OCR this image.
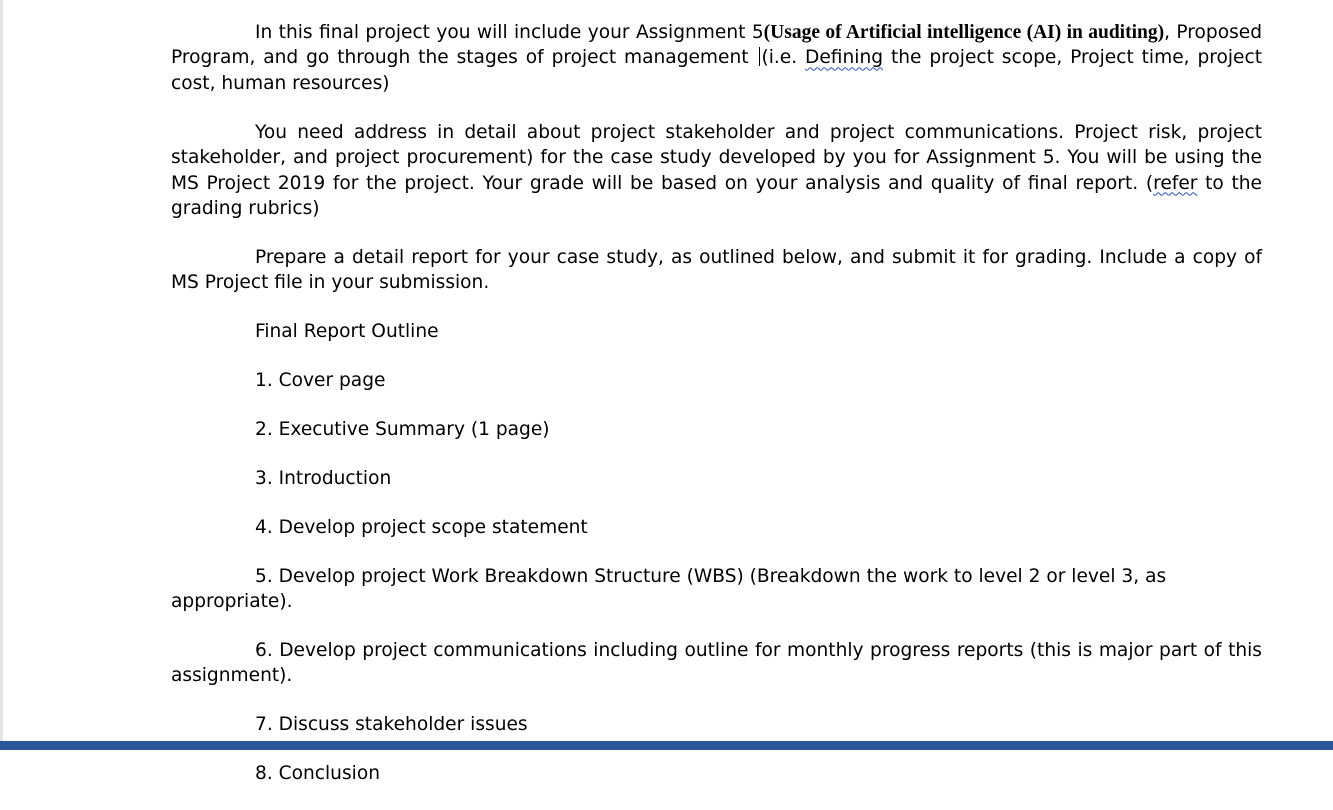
In this final project you will include your Assignment 5(Usage of Artificial intelligence (AI) in auditing), Proposed Program, and go through the stages of project management (i.e. Defining the project scope, Project time, project cost, human resources)

You need address in detail about project stakeholder and project communications. Project risk, project stakeholder, and project procurement) for the case study developed by you for Assignment 5. You will be using the MS Project 2019 for the project. Your grade will be based on your analysis and quality of final report. (refer to the grading rubrics)

Prepare a detail report for your case study, as outlined below, and submit it for grading. Include a copy of MS Project file in your submission.

Final Report Outline

1. Cover page

2. Executive Summary (1 page)

3. Introduction

4. Develop project scope statement

5. Develop project Work Breakdown Structure (WBS) (Breakdown the work to level 2 or level 3, as appropriate).

6. Develop project communications including outline for monthly progress reports (this is major part of this assignment).

7. Discuss stakeholder issues

8. Conclusion
